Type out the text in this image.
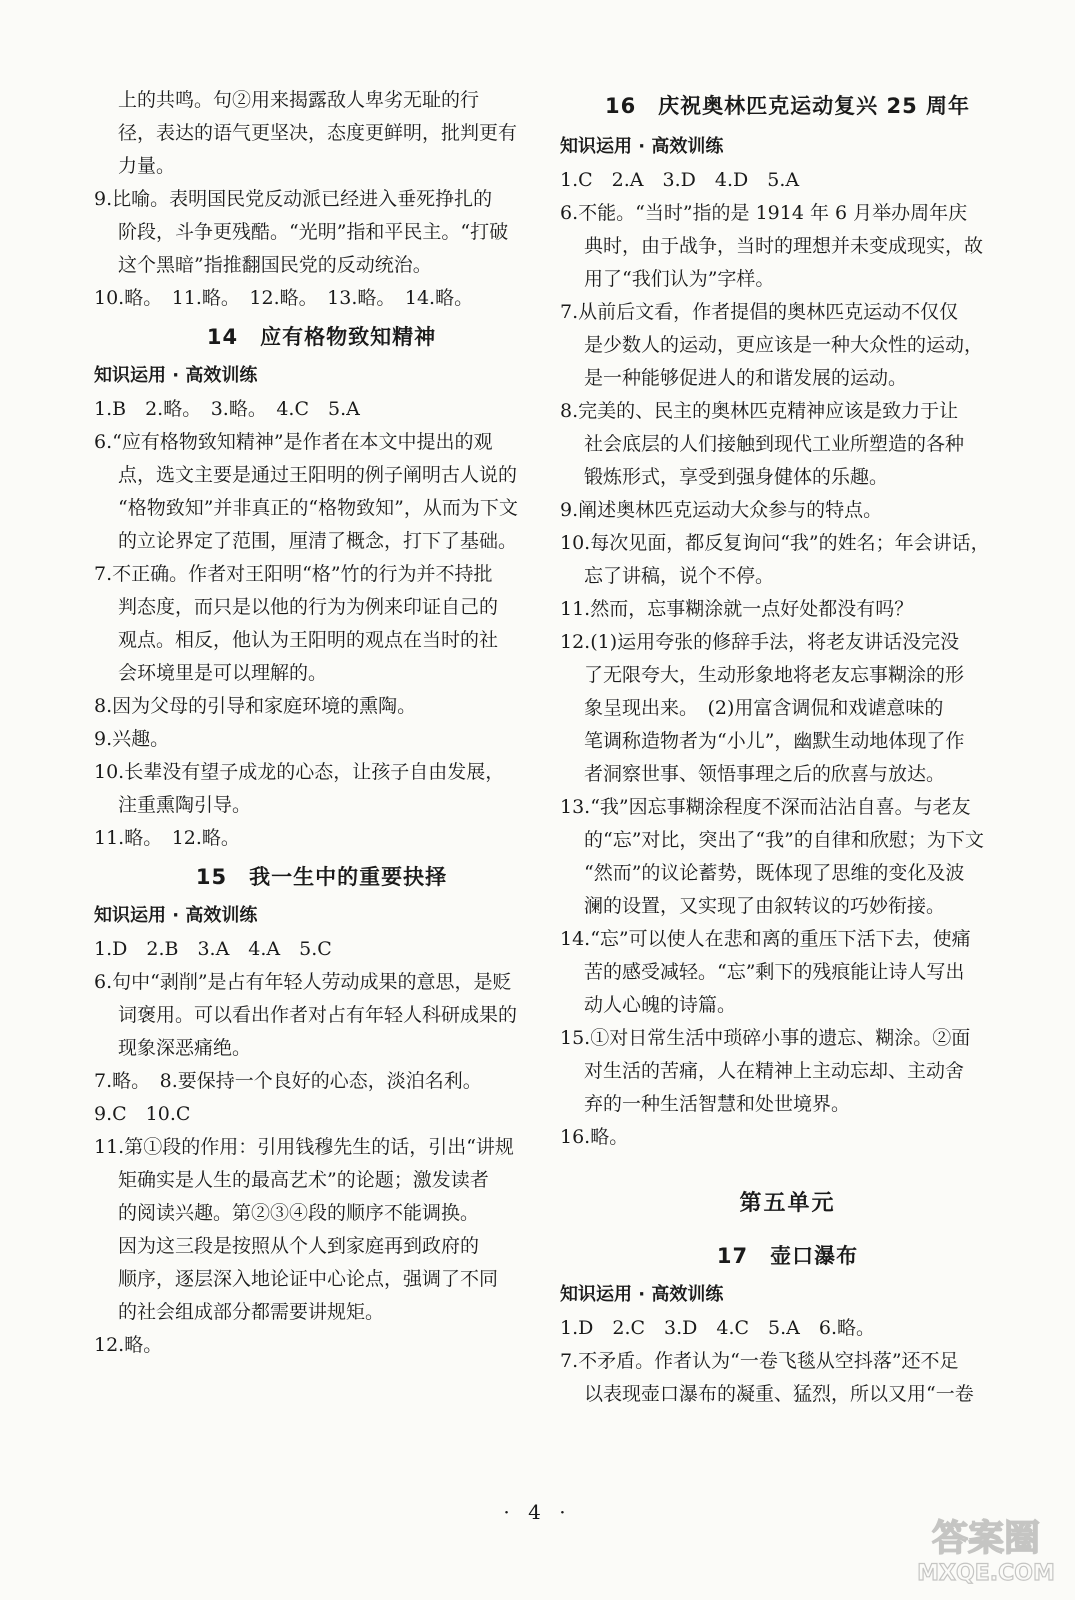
上的共鸣。句②用来揭露敌人卑劣无耻的行
径，表达的语气更坚决，态度更鲜明，批判更有
力量。
9.比喻。表明国民党反动派已经进入垂死挣扎的
阶段，斗争更残酷。“光明”指和平民主。“打破
这个黑暗”指推翻国民党的反动统治。
10.略。　11.略。　12.略。　13.略。　14.略。
14　应有格物致知精神
知识运用 · 高效训练
1.B　2.略。　3.略。　4.C　5.A
6.“应有格物致知精神”是作者在本文中提出的观
点，选文主要是通过王阳明的例子阐明古人说的
“格物致知”并非真正的“格物致知”，从而为下文
的立论界定了范围，厘清了概念，打下了基础。
7.不正确。作者对王阳明“格”竹的行为并不持批
判态度，而只是以他的行为为例来印证自己的
观点。相反，他认为王阳明的观点在当时的社
会环境里是可以理解的。
8.因为父母的引导和家庭环境的熏陶。
9.兴趣。
10.长辈没有望子成龙的心态，让孩子自由发展，
注重熏陶引导。
11.略。　12.略。
15　我一生中的重要抉择
知识运用 · 高效训练
1.D　2.B　3.A　4.A　5.C
6.句中“剥削”是占有年轻人劳动成果的意思，是贬
词褒用。可以看出作者对占有年轻人科研成果的
现象深恶痛绝。
7.略。　8.要保持一个良好的心态，淡泊名利。
9.C　10.C
11.第①段的作用：引用钱穆先生的话，引出“讲规
矩确实是人生的最高艺术”的论题；激发读者
的阅读兴趣。第②③④段的顺序不能调换。
因为这三段是按照从个人到家庭再到政府的
顺序，逐层深入地论证中心论点，强调了不同
的社会组成部分都需要讲规矩。
12.略。
16　庆祝奥林匹克运动复兴 25 周年
知识运用 · 高效训练
1.C　2.A　3.D　4.D　5.A
6.不能。“当时”指的是 1914 年 6 月举办周年庆
典时，由于战争，当时的理想并未变成现实，故
用了“我们认为”字样。
7.从前后文看，作者提倡的奥林匹克运动不仅仅
是少数人的运动，更应该是一种大众性的运动，
是一种能够促进人的和谐发展的运动。
8.完美的、民主的奥林匹克精神应该是致力于让
社会底层的人们接触到现代工业所塑造的各种
锻炼形式，享受到强身健体的乐趣。
9.阐述奥林匹克运动大众参与的特点。
10.每次见面，都反复询问“我”的姓名；年会讲话，
忘了讲稿，说个不停。
11.然而，忘事糊涂就一点好处都没有吗？
12.(1)运用夸张的修辞手法，将老友讲话没完没
了无限夸大，生动形象地将老友忘事糊涂的形
象呈现出来。　(2)用富含调侃和戏谑意味的
笔调称造物者为“小儿”，幽默生动地体现了作
者洞察世事、领悟事理之后的欣喜与放达。
13.“我”因忘事糊涂程度不深而沾沾自喜。与老友
的“忘”对比，突出了“我”的自律和欣慰；为下文
“然而”的议论蓄势，既体现了思维的变化及波
澜的设置，又实现了由叙转议的巧妙衔接。
14.“忘”可以使人在悲和离的重压下活下去，使痛
苦的感受减轻。“忘”剩下的残痕能让诗人写出
动人心魄的诗篇。
15.①对日常生活中琐碎小事的遗忘、糊涂。②面
对生活的苦痛，人在精神上主动忘却、主动舍
弃的一种生活智慧和处世境界。
16.略。
第五单元
17　壶口瀑布
知识运用 · 高效训练
1.D　2.C　3.D　4.C　5.A　6.略。
7.不矛盾。作者认为“一卷飞毯从空抖落”还不足
以表现壶口瀑布的凝重、猛烈，所以又用“一卷
· 4 ·
答案圈
MXQE.COM
